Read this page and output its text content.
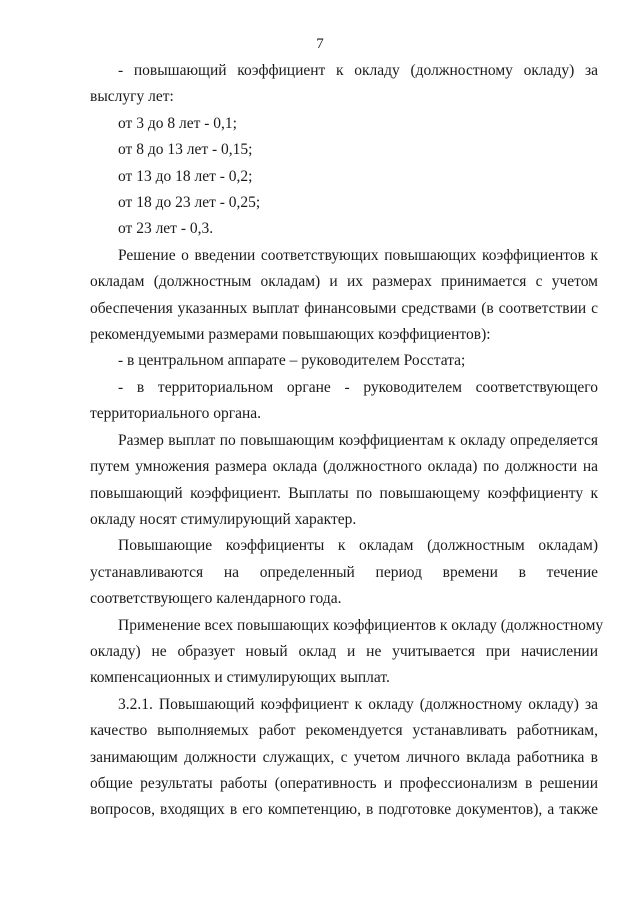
7

- повышающий коэффициент к окладу (должностному окладу) за
выслугу лет:

от 3 до 8 лет - 0,1;

от 8 до 13 лет - 0,15;

от 13 до 18 лет - 0,2;

от 18 до 23 лет - 0,25;

от 23 лет - 0,3.

Решение о введении соответствующих повышающих коэффициентов к
окладам (должностным окладам) и их размерах принимается с учетом
обеспечения указанных выплат финансовыми средствами (в соответствии с
рекомендуемыми размерами повышающих коэффициентов):

- в центральном аппарате – руководителем Росстата;

- в территориальном органе - руководителем соответствующего
территориального органа.

Размер выплат по повышающим коэффициентам к окладу определяется
путем умножения размера оклада (должностного оклада) по должности на
повышающий коэффициент. Выплаты по повышающему коэффициенту к
окладу носят стимулирующий характер.

Повышающие коэффициенты к окладам (должностным окладам)
устанавливаются на определенный период времени в течение
соответствующего календарного года.

Применение всех повышающих коэффициентов к окладу (должностному
окладу) не образует новый оклад и не учитывается при начислении
компенсационных и стимулирующих выплат.

3.2.1. Повышающий коэффициент к окладу (должностному окладу) за
качество выполняемых работ рекомендуется устанавливать работникам,
занимающим должности служащих, с учетом личного вклада работника в
общие результаты работы (оперативность и профессионализм в решении
вопросов, входящих в его компетенцию, в подготовке документов), а также
